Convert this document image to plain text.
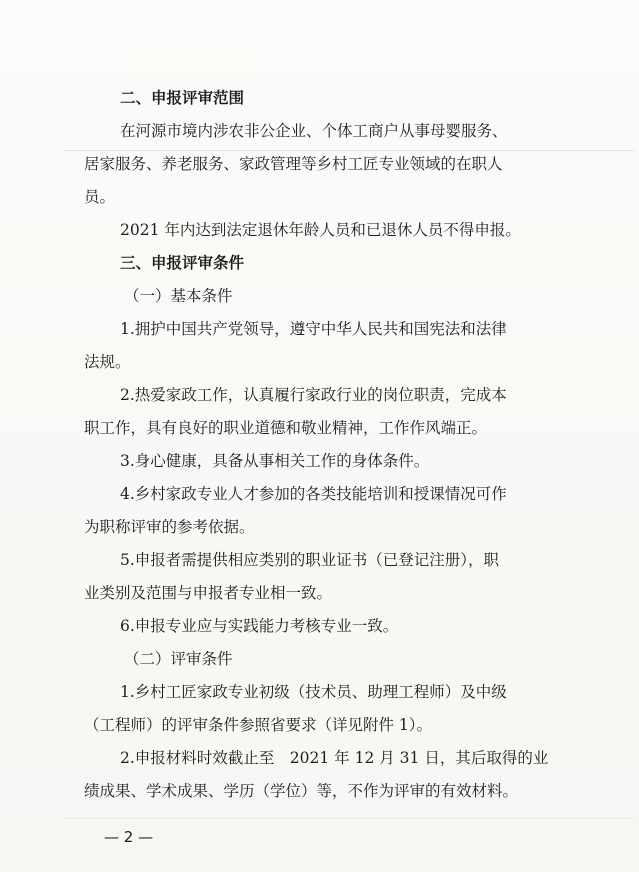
二、申报评审范围
在河源市境内涉农非公企业、个体工商户从事母婴服务、
居家服务、养老服务、家政管理等乡村工匠专业领域的在职人
员。
2021 年内达到法定退休年龄人员和已退休人员不得申报。
三、申报评审条件
（一）基本条件
1.拥护中国共产党领导，遵守中华人民共和国宪法和法律
法规。
2.热爱家政工作，认真履行家政行业的岗位职责，完成本
职工作，具有良好的职业道德和敬业精神，工作作风端正。
3.身心健康，具备从事相关工作的身体条件。
4.乡村家政专业人才参加的各类技能培训和授课情况可作
为职称评审的参考依据。
5.申报者需提供相应类别的职业证书（已登记注册），职
业类别及范围与申报者专业相一致。
6.申报专业应与实践能力考核专业一致。
（二）评审条件
1.乡村工匠家政专业初级（技术员、助理工程师）及中级
（工程师）的评审条件参照省要求（详见附件 1）。
2.申报材料时效截止至　2021 年 12 月 31 日，其后取得的业
绩成果、学术成果、学历（学位）等，不作为评审的有效材料。
— 2 —
